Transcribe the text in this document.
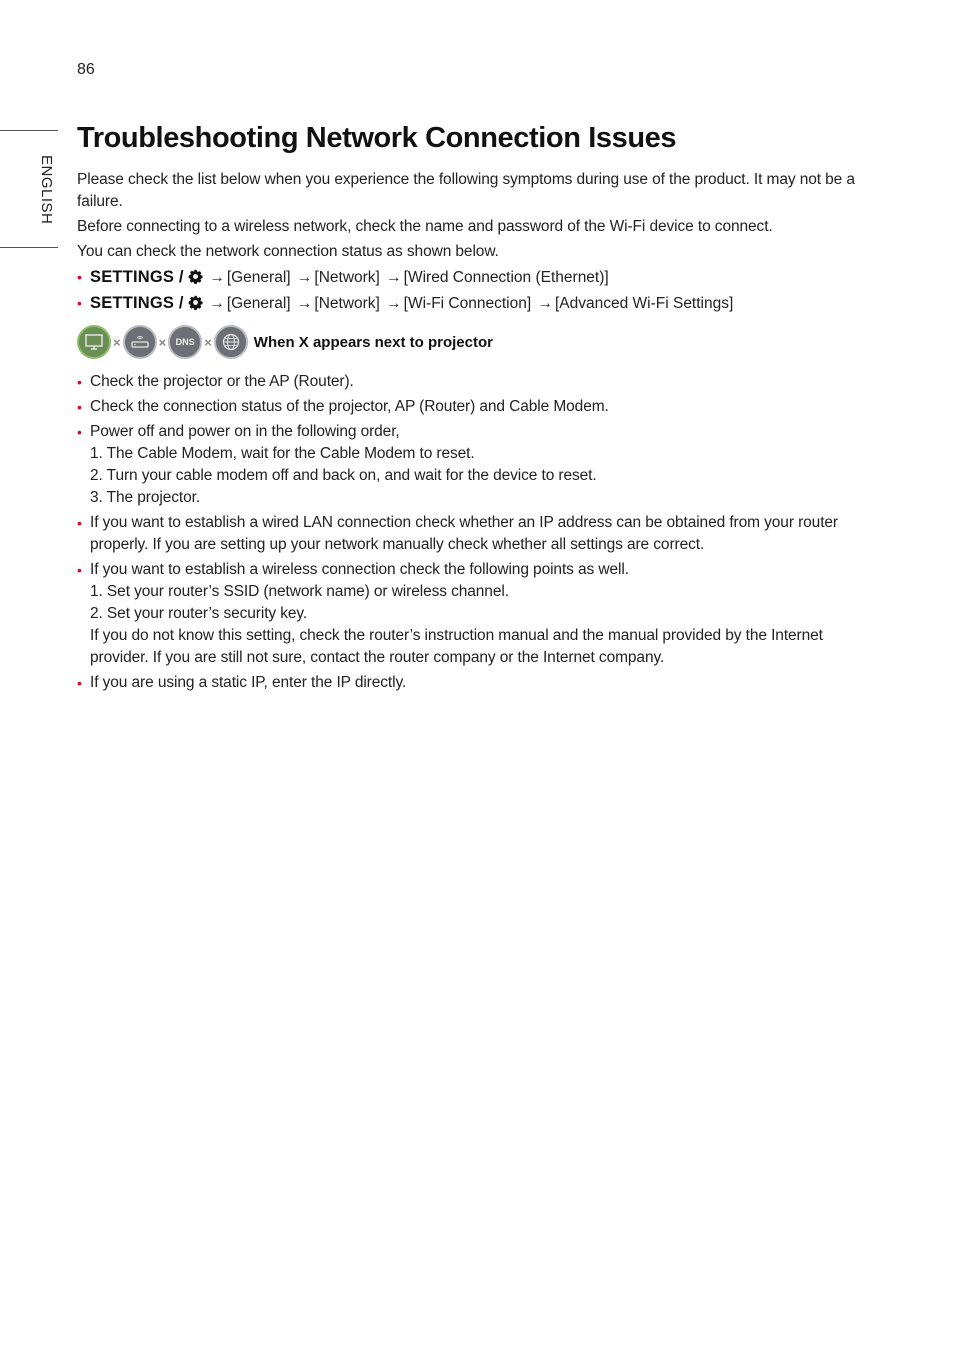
86
ENGLISH
Troubleshooting Network Connection Issues

Please check the list below when you experience the following symptoms during use of the product. It may not be a failure.

Before connecting to a wireless network, check the name and password of the Wi-Fi device to connect.

You can check the network connection status as shown below.

• SETTINGS / → [General] → [Network] → [Wired Connection (Ethernet)]
• SETTINGS / → [General] → [Network] → [Wi-Fi Connection] → [Advanced Wi-Fi Settings]
×	× DNS ×	When X appears next to projector
• Check the projector or the AP (Router).
• Check the connection status of the projector, AP (Router) and Cable Modem.
• Power off and power on in the following order,
1. The Cable Modem, wait for the Cable Modem to reset.
2. Turn your cable modem off and back on, and wait for the device to reset.
3. The projector.
• If you want to establish a wired LAN connection check whether an IP address can be obtained from your router properly. If you are setting up your network manually check whether all settings are correct.
• If you want to establish a wireless connection check the following points as well.
1. Set your router’s SSID (network name) or wireless channel.
2. Set your router’s security key.
If you do not know this setting, check the router’s instruction manual and the manual provided by the Internet provider. If you are still not sure, contact the router company or the Internet company.
• If you are using a static IP, enter the IP directly.
